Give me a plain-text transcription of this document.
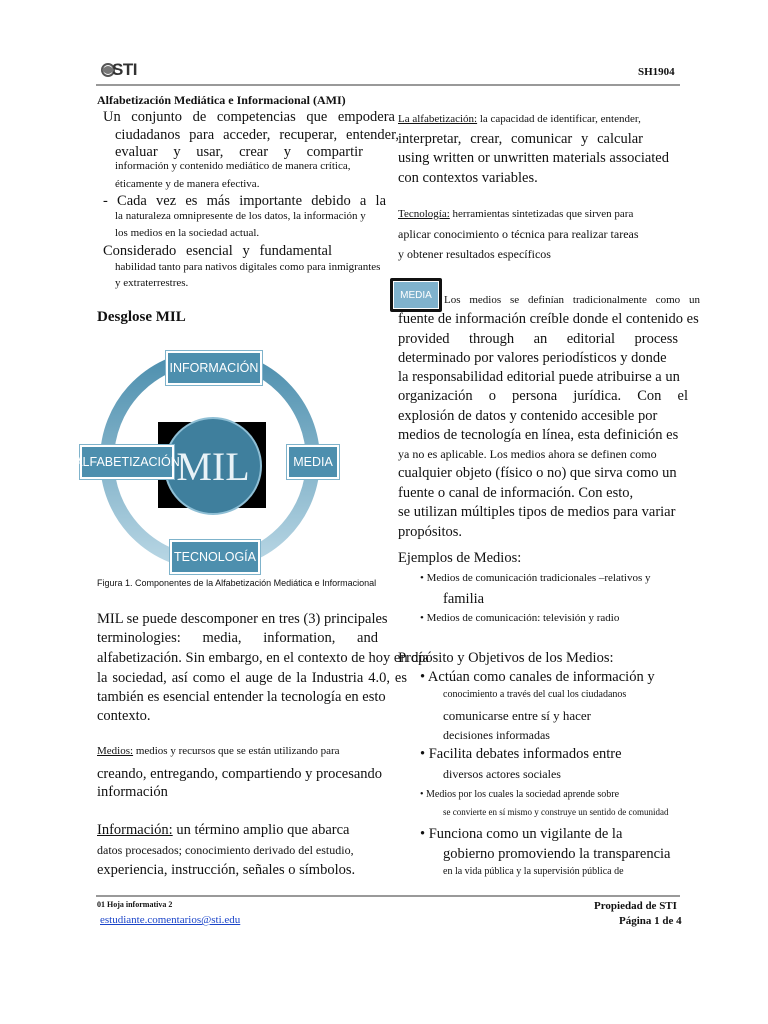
STI	SH1904
Alfabetización Mediática e Informacional (AMI)
Un conjunto de competencias que empodera
ciudadanos para acceder, recuperar, entender,
evaluar y usar, crear y compartir
información y contenido mediático de manera crítica,
éticamente y de manera efectiva.
- Cada vez es más importante debido a la
la naturaleza omnipresente de los datos, la información y
los medios en la sociedad actual.
Considerado esencial y fundamental
habilidad tanto para nativos digitales como para inmigrantes
y extraterrestres.
Desglose MIL
MIL
INFORMACIÓN
MEDIA
ALFABETIZACIÓN
TECNOLOGÍA
Figura 1. Componentes de la Alfabetización Mediática e Informacional
MIL se puede descomponer en tres (3) principales
terminologies: media, information, and
alfabetización. Sin embargo, en el contexto de hoy en día
la sociedad, así como el auge de la Industria 4.0, es
también es esencial entender la tecnología en esto
contexto.
Medios: medios y recursos que se están utilizando para
creando, entregando, compartiendo y procesando
información
Información: un término amplio que abarca
datos procesados; conocimiento derivado del estudio,
experiencia, instrucción, señales o símbolos.
La alfabetización: la capacidad de identificar, entender,
interpretar, crear, comunicar y calcular
using written or unwritten materials associated
con contextos variables.
Tecnología: herramientas sintetizadas que sirven para
aplicar conocimiento o técnica para realizar tareas
y obtener resultados específicos
MEDIA	Los medios se definían tradicionalmente como un
fuente de información creíble donde el contenido es
provided through an editorial process
determinado por valores periodísticos y donde
la responsabilidad editorial puede atribuirse a un
organización o persona jurídica. Con el
explosión de datos y contenido accesible por
medios de tecnología en línea, esta definición es
ya no es aplicable. Los medios ahora se definen como
cualquier objeto (físico o no) que sirva como un
fuente o canal de información. Con esto,
se utilizan múltiples tipos de medios para variar
propósitos.
Ejemplos de Medios:
• Medios de comunicación tradicionales –relativos y
familia
• Medios de comunicación: televisión y radio
Propósito y Objetivos de los Medios:
• Actúan como canales de información y
conocimiento a través del cual los ciudadanos
comunicarse entre sí y hacer
decisiones informadas
• Facilita debates informados entre
diversos actores sociales
• Medios por los cuales la sociedad aprende sobre
se convierte en sí mismo y construye un sentido de comunidad
• Funciona como un vigilante de la
gobierno promoviendo la transparencia
en la vida pública y la supervisión pública de
01 Hoja informativa 2
estudiante.comentarios@sti.edu
Propiedad de STI
Página 1 de 4
